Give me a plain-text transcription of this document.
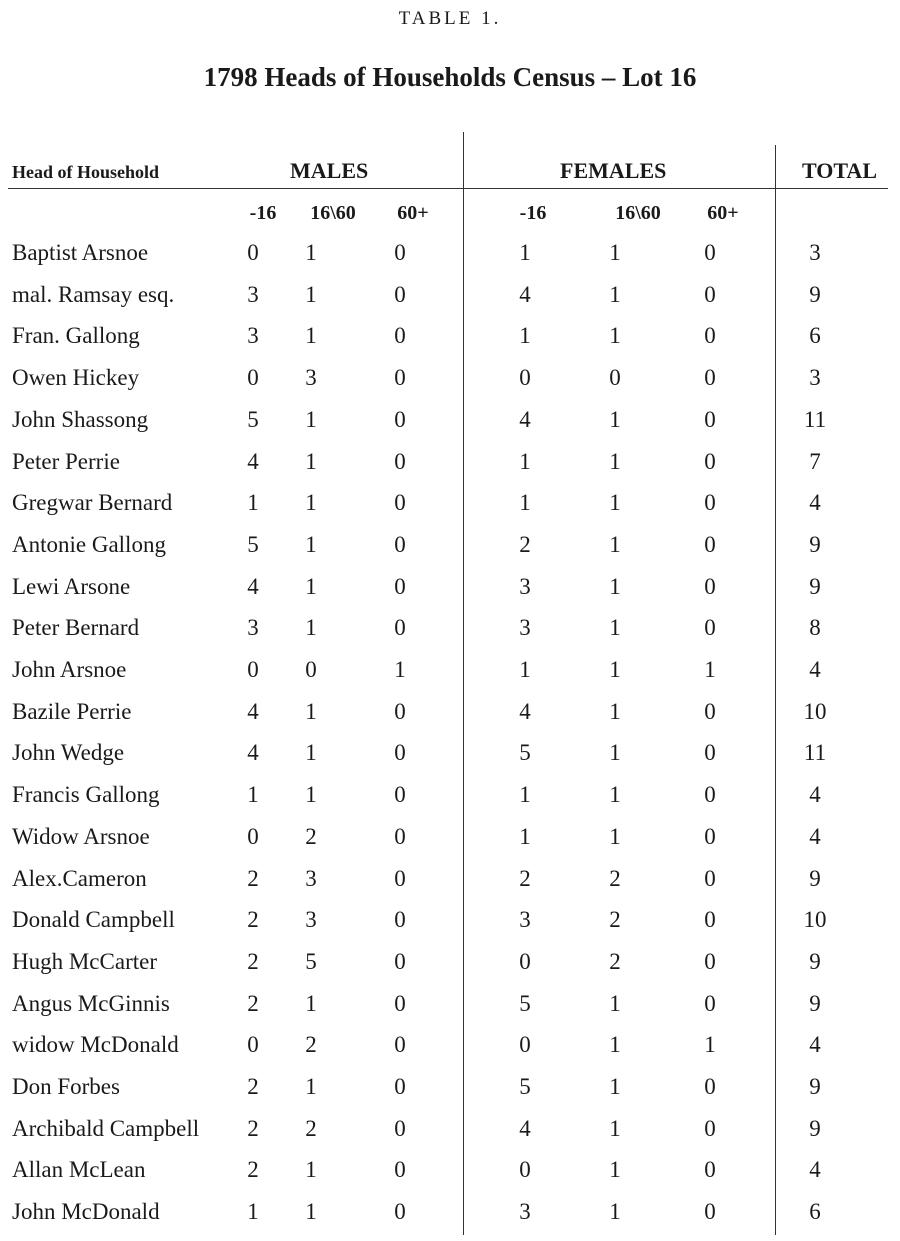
TABLE 1.
1798 Heads of Households Census – Lot 16
Head of Household	MALES	FEMALES	TOTAL
-16	16\60	60+	-16	16\60	60+
Baptist Arsnoe	0	1	0	1	1	0	3
mal. Ramsay esq.	3	1	0	4	1	0	9
Fran. Gallong	3	1	0	1	1	0	6
Owen Hickey	0	3	0	0	0	0	3
John Shassong	5	1	0	4	1	0	11
Peter Perrie	4	1	0	1	1	0	7
Gregwar Bernard	1	1	0	1	1	0	4
Antonie Gallong	5	1	0	2	1	0	9
Lewi Arsone	4	1	0	3	1	0	9
Peter Bernard	3	1	0	3	1	0	8
John Arsnoe	0	0	1	1	1	1	4
Bazile Perrie	4	1	0	4	1	0	10
John Wedge	4	1	0	5	1	0	11
Francis Gallong	1	1	0	1	1	0	4
Widow Arsnoe	0	2	0	1	1	0	4
Alex.Cameron	2	3	0	2	2	0	9
Donald Campbell	2	3	0	3	2	0	10
Hugh McCarter	2	5	0	0	2	0	9
Angus McGinnis	2	1	0	5	1	0	9
widow McDonald	0	2	0	0	1	1	4
Don Forbes	2	1	0	5	1	0	9
Archibald Campbell	2	2	0	4	1	0	9
Allan McLean	2	1	0	0	1	0	4
John McDonald	1	1	0	3	1	0	6
